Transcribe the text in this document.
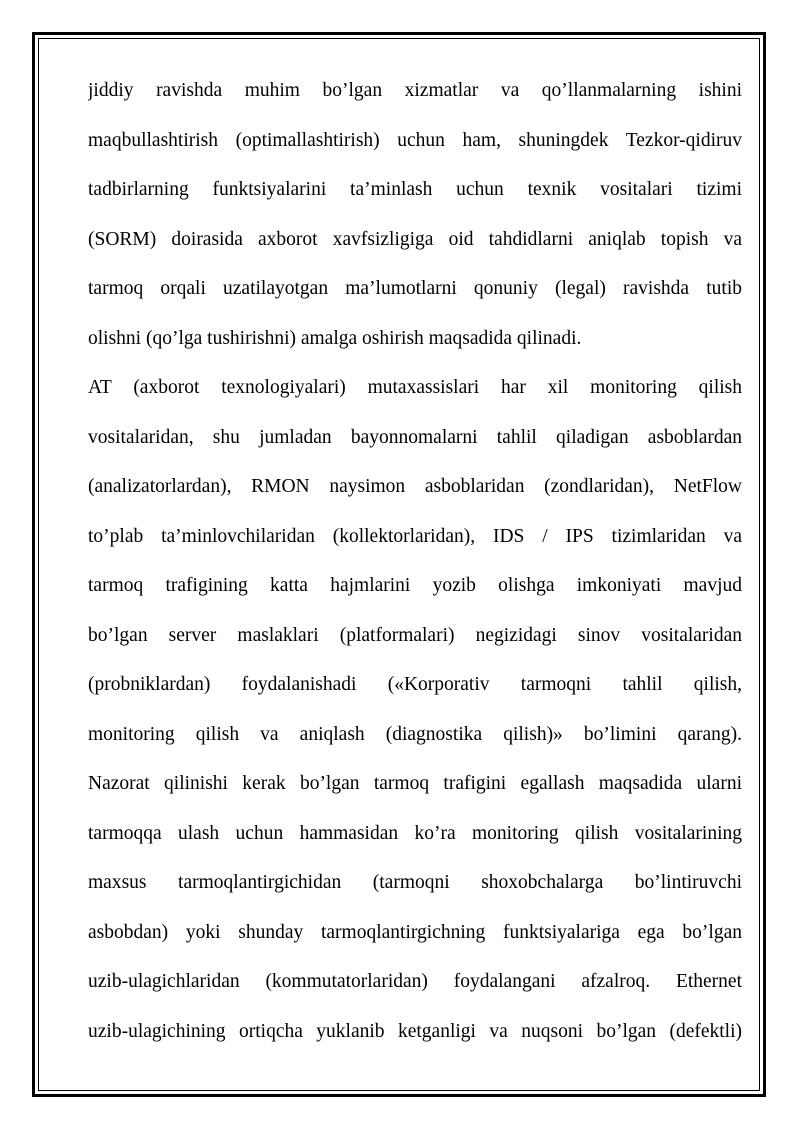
jiddiy ravishda muhim bo’lgan xizmatlar va qo’llanmalarning ishini
maqbullashtirish (optimallashtirish) uchun ham, shuningdek Tezkor-qidiruv
tadbirlarning funktsiyalarini ta’minlash uchun texnik vositalari tizimi
(SORM) doirasida axborot xavfsizligiga oid tahdidlarni aniqlab topish va
tarmoq orqali uzatilayotgan ma’lumotlarni qonuniy (legal) ravishda tutib
olishni (qo’lga tushirishni) amalga oshirish maqsadida qilinadi.
AT (axborot texnologiyalari) mutaxassislari har xil monitoring qilish
vositalaridan, shu jumladan bayonnomalarni tahlil qiladigan asboblardan
(analizatorlardan), RMON naysimon asboblaridan (zondlaridan), NetFlow
to’plab ta’minlovchilaridan (kollektorlaridan), IDS / IPS tizimlaridan va
tarmoq trafigining katta hajmlarini yozib olishga imkoniyati mavjud
bo’lgan server maslaklari (platformalari) negizidagi sinov vositalaridan
(probniklardan) foydalanishadi («Korporativ tarmoqni tahlil qilish,
monitoring qilish va aniqlash (diagnostika qilish)» bo’limini qarang).
Nazorat qilinishi kerak bo’lgan tarmoq trafigini egallash maqsadida ularni
tarmoqqa ulash uchun hammasidan ko’ra monitoring qilish vositalarining
maxsus tarmoqlantirgichidan (tarmoqni shoxobchalarga bo’lintiruvchi
asbobdan) yoki shunday tarmoqlantirgichning funktsiyalariga ega bo’lgan
uzib-ulagichlaridan (kommutatorlaridan) foydalangani afzalroq. Ethernet
uzib-ulagichining ortiqcha yuklanib ketganligi va nuqsoni bo’lgan (defektli)
